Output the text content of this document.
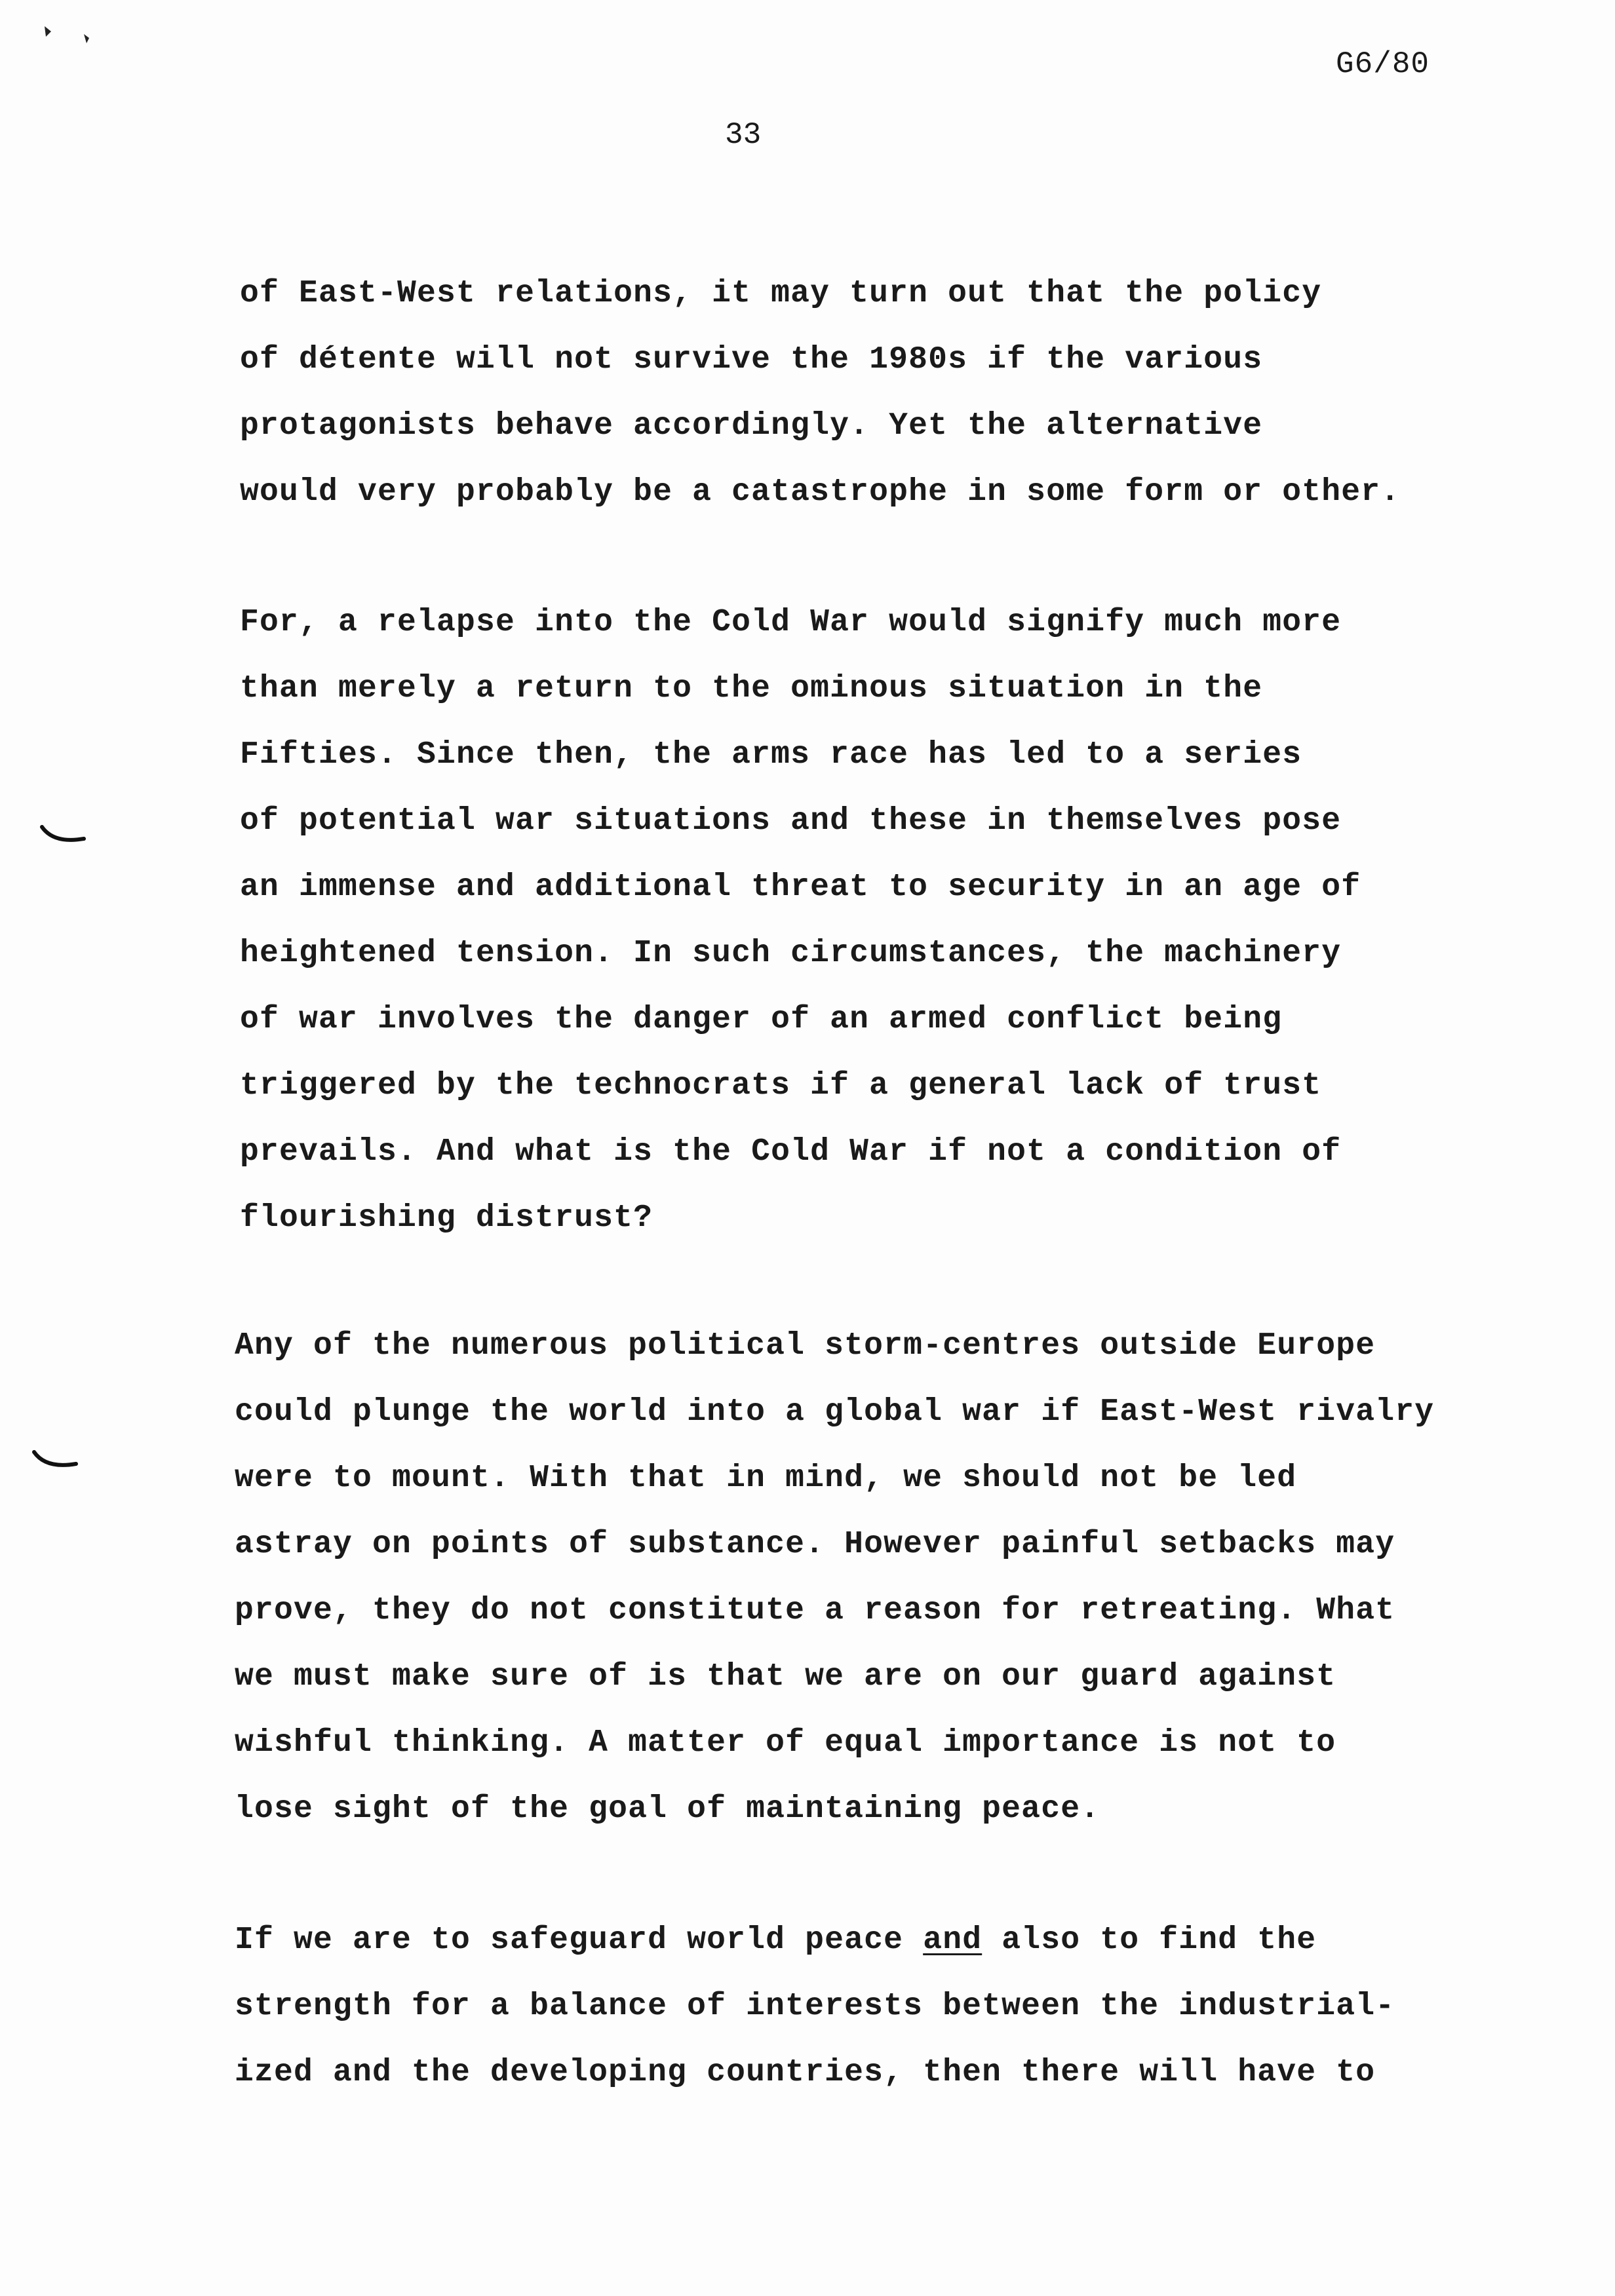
G6/80
33
of East-West relations, it may turn out that the policy
of détente will not survive the 1980s if the various
protagonists behave accordingly. Yet the alternative
would very probably be a catastrophe in some form or other.
For, a relapse into the Cold War would signify much more
than merely a return to the ominous situation in the
Fifties. Since then, the arms race has led to a series
of potential war situations and these in themselves pose
an immense and additional threat to security in an age of
heightened tension. In such circumstances, the machinery
of war involves the danger of an armed conflict being
triggered by the technocrats if a general lack of trust
prevails. And what is the Cold War if not a condition of
flourishing distrust?
Any of the numerous political storm-centres outside Europe
could plunge the world into a global war if East-West rivalry
were to mount. With that in mind, we should not be led
astray on points of substance. However painful setbacks may
prove, they do not constitute a reason for retreating. What
we must make sure of is that we are on our guard against
wishful thinking. A matter of equal importance is not to
lose sight of the goal of maintaining peace.
If we are to safeguard world peace and also to find the
strength for a balance of interests between the industrial-
ized and the developing countries, then there will have to
